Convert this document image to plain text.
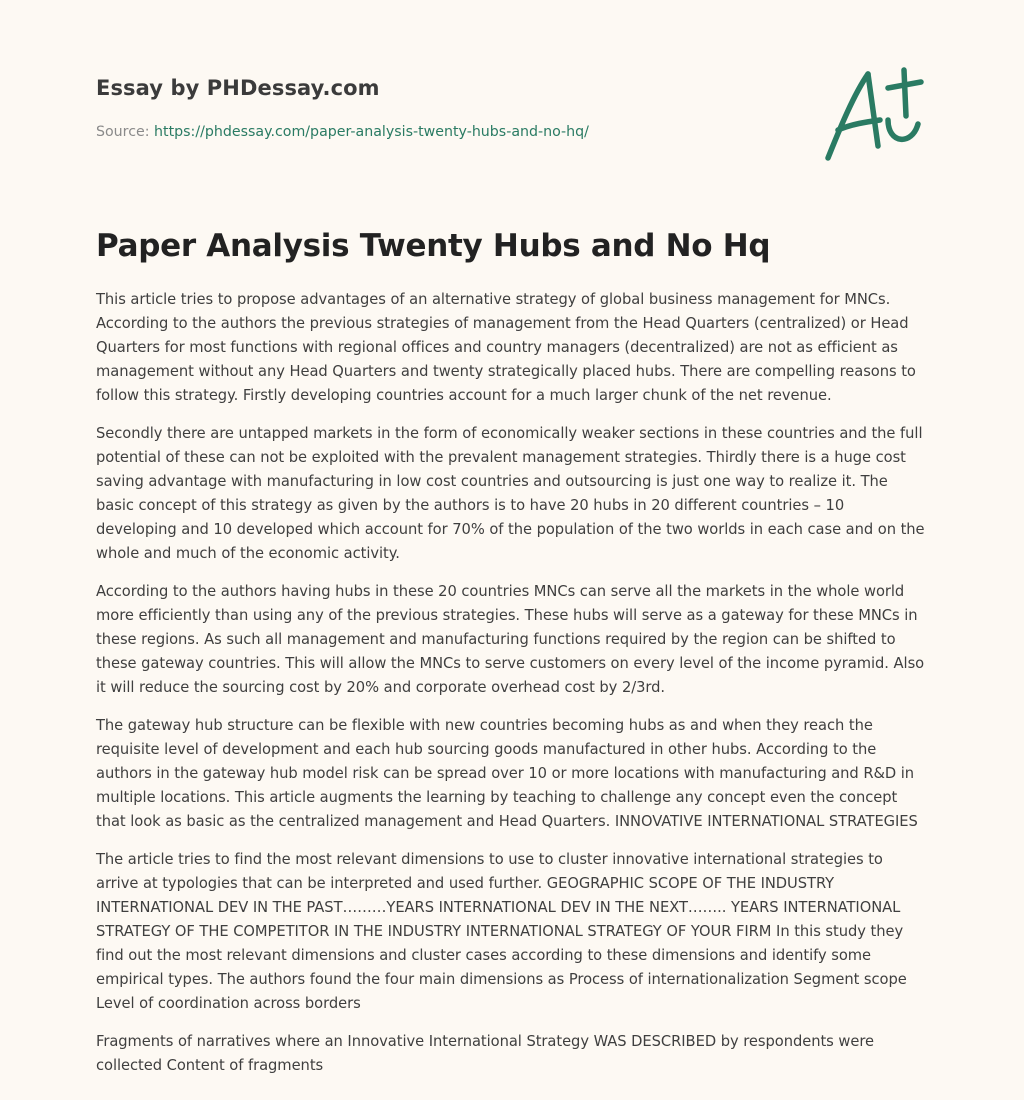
Essay by PHDessay.com
Source: https://phdessay.com/paper-analysis-twenty-hubs-and-no-hq/
Paper Analysis Twenty Hubs and No Hq

This article tries to propose advantages of an alternative strategy of global business management for MNCs. According to the authors the previous strategies of management from the Head Quarters (centralized) or Head Quarters for most functions with regional offices and country managers (decentralized) are not as efficient as management without any Head Quarters and twenty strategically placed hubs. There are compelling reasons to follow this strategy. Firstly developing countries account for a much larger chunk of the net revenue.

Secondly there are untapped markets in the form of economically weaker sections in these countries and the full potential of these can not be exploited with the prevalent management strategies. Thirdly there is a huge cost saving advantage with manufacturing in low cost countries and outsourcing is just one way to realize it. The basic concept of this strategy as given by the authors is to have 20 hubs in 20 different countries – 10 developing and 10 developed which account for 70% of the population of the two worlds in each case and on the whole and much of the economic activity.

According to the authors having hubs in these 20 countries MNCs can serve all the markets in the whole world more efficiently than using any of the previous strategies. These hubs will serve as a gateway for these MNCs in these regions. As such all management and manufacturing functions required by the region can be shifted to these gateway countries. This will allow the MNCs to serve customers on every level of the income pyramid. Also it will reduce the sourcing cost by 20% and corporate overhead cost by 2/3rd.

The gateway hub structure can be flexible with new countries becoming hubs as and when they reach the requisite level of development and each hub sourcing goods manufactured in other hubs. According to the authors in the gateway hub model risk can be spread over 10 or more locations with manufacturing and R&D in multiple locations. This article augments the learning by teaching to challenge any concept even the concept that look as basic as the centralized management and Head Quarters. INNOVATIVE INTERNATIONAL STRATEGIES

The article tries to find the most relevant dimensions to use to cluster innovative international strategies to arrive at typologies that can be interpreted and used further. GEOGRAPHIC SCOPE OF THE INDUSTRY INTERNATIONAL DEV IN THE PAST………YEARS INTERNATIONAL DEV IN THE NEXT…….. YEARS INTERNATIONAL STRATEGY OF THE COMPETITOR IN THE INDUSTRY INTERNATIONAL STRATEGY OF YOUR FIRM In this study they find out the most relevant dimensions and cluster cases according to these dimensions and identify some empirical types. The authors found the four main dimensions as Process of internationalization Segment scope Level of coordination across borders

Fragments of narratives where an Innovative International Strategy WAS DESCRIBED by respondents were collected Content of fragments
